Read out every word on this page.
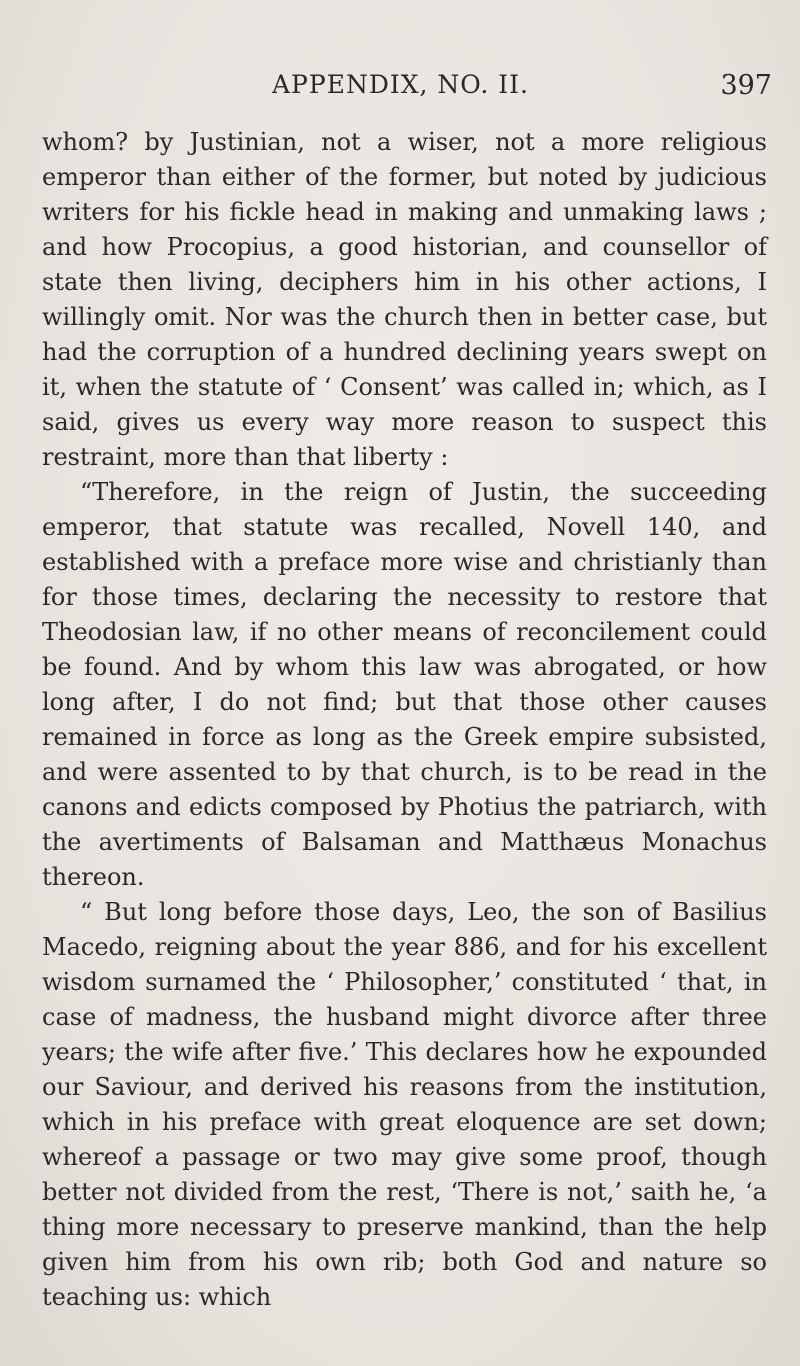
APPENDIX, NO. II.	397

whom? by Justinian, not a wiser, not a more religious emperor than either of the former, but noted by judicious writers for his fickle head in making and unmaking laws ; and how Procopius, a good historian, and counsellor of state then living, deciphers him in his other actions, I willingly omit. Nor was the church then in better case, but had the corruption of a hundred declining years swept on it, when the statute of ‘ Consent’ was called in; which, as I said, gives us every way more reason to suspect this restraint, more than that liberty :

“Therefore, in the reign of Justin, the succeeding emperor, that statute was recalled, Novell 140, and established with a preface more wise and christianly than for those times, declaring the necessity to restore that Theodosian law, if no other means of reconcilement could be found. And by whom this law was abrogated, or how long after, I do not find; but that those other causes remained in force as long as the Greek empire subsisted, and were assented to by that church, is to be read in the canons and edicts composed by Photius the patriarch, with the avertiments of Balsaman and Matthæus Monachus thereon.

“ But long before those days, Leo, the son of Basilius Macedo, reigning about the year 886, and for his excellent wisdom surnamed the ‘ Philosopher,’ constituted ‘ that, in case of madness, the husband might divorce after three years; the wife after five.’ This declares how he expounded our Saviour, and derived his reasons from the institution, which in his preface with great eloquence are set down; whereof a passage or two may give some proof, though better not divided from the rest, ‘There is not,’ saith he, ‘a thing more necessary to preserve mankind, than the help given him from his own rib; both God and nature so teaching us: which
